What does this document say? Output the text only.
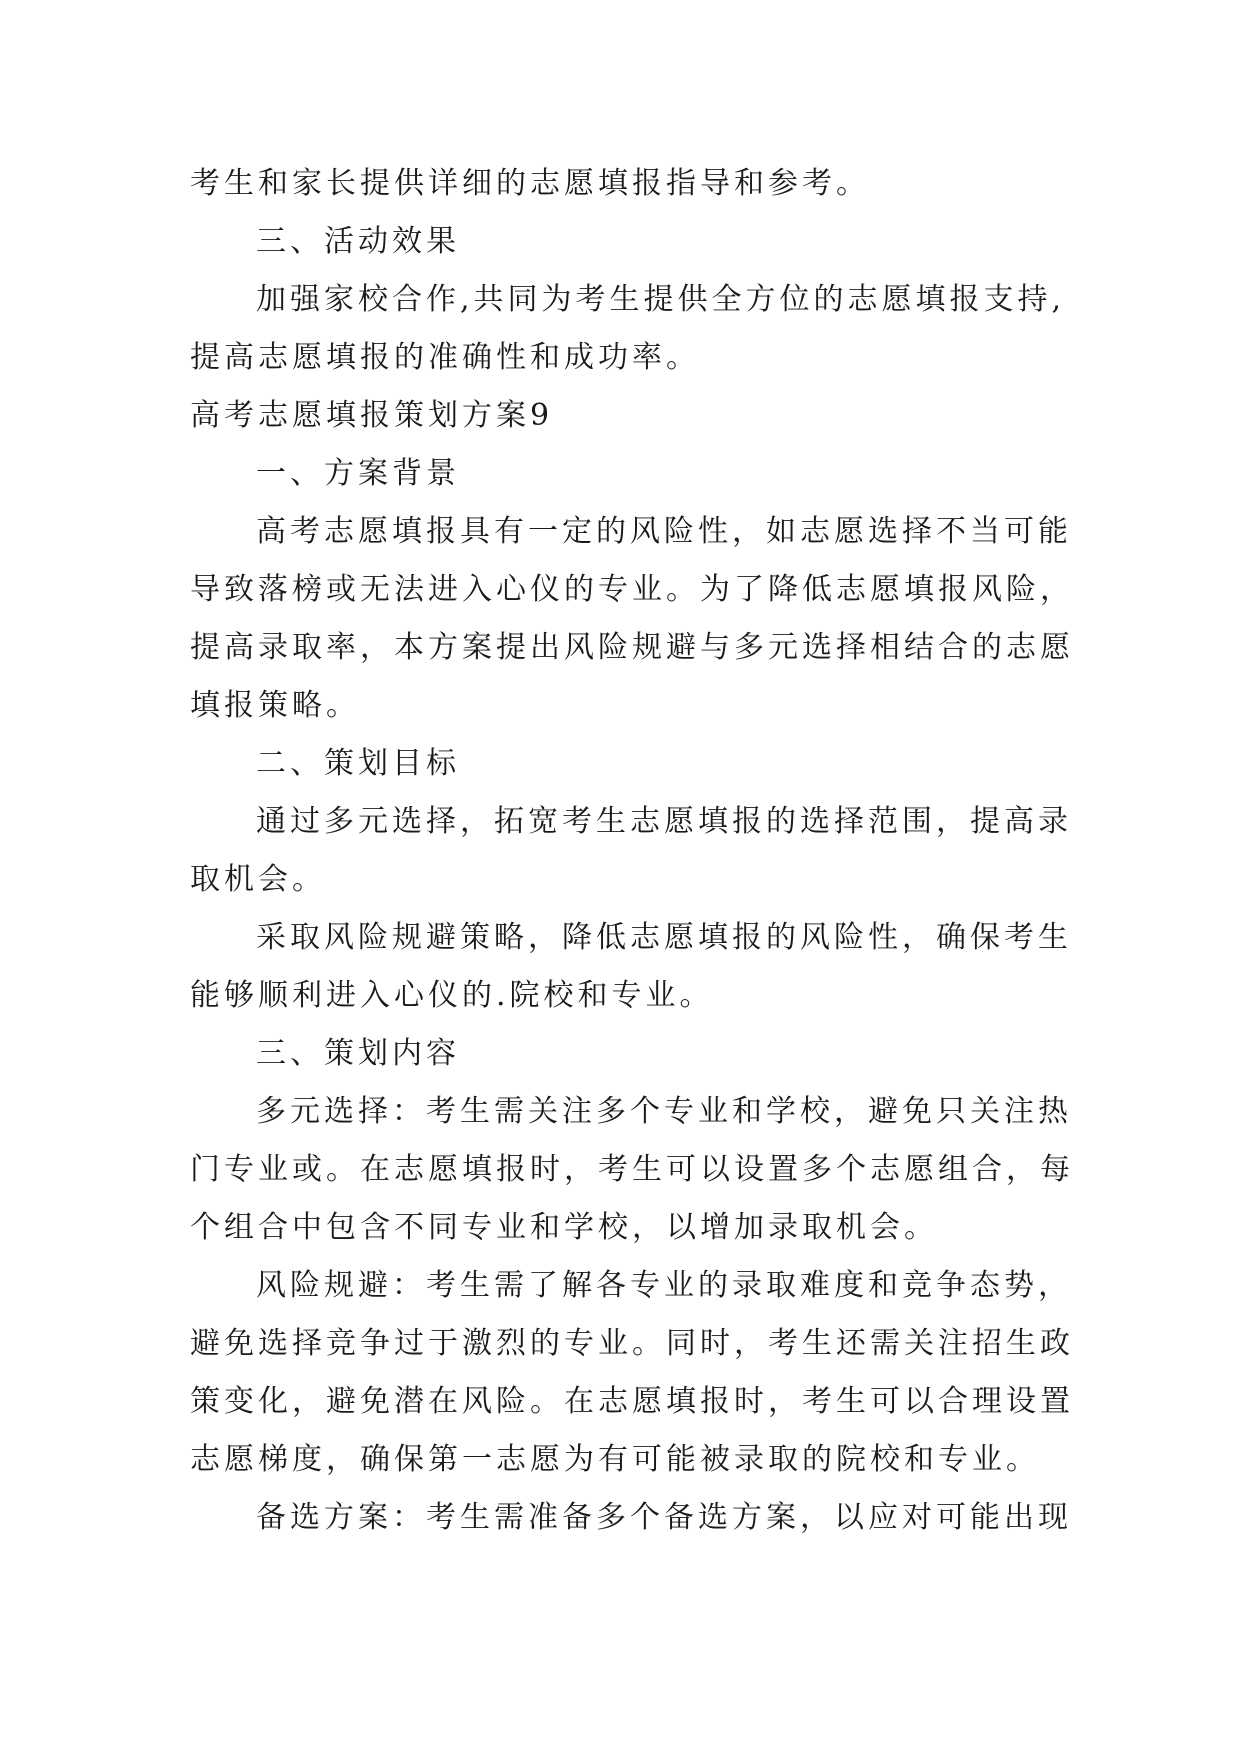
考生和家长提供详细的志愿填报指导和参考。

三、活动效果

加强家校合作,共同为考生提供全方位的志愿填报支持,

提高志愿填报的准确性和成功率。

高考志愿填报策划方案9

一、方案背景

高考志愿填报具有一定的风险性，如志愿选择不当可能

导致落榜或无法进入心仪的专业。为了降低志愿填报风险，

提高录取率，本方案提出风险规避与多元选择相结合的志愿

填报策略。

二、策划目标

通过多元选择，拓宽考生志愿填报的选择范围，提高录

取机会。

采取风险规避策略，降低志愿填报的风险性，确保考生

能够顺利进入心仪的.院校和专业。

三、策划内容

多元选择：考生需关注多个专业和学校，避免只关注热

门专业或。在志愿填报时，考生可以设置多个志愿组合，每

个组合中包含不同专业和学校，以增加录取机会。

风险规避：考生需了解各专业的录取难度和竞争态势，

避免选择竞争过于激烈的专业。同时，考生还需关注招生政

策变化，避免潜在风险。在志愿填报时，考生可以合理设置

志愿梯度，确保第一志愿为有可能被录取的院校和专业。

备选方案：考生需准备多个备选方案，以应对可能出现
